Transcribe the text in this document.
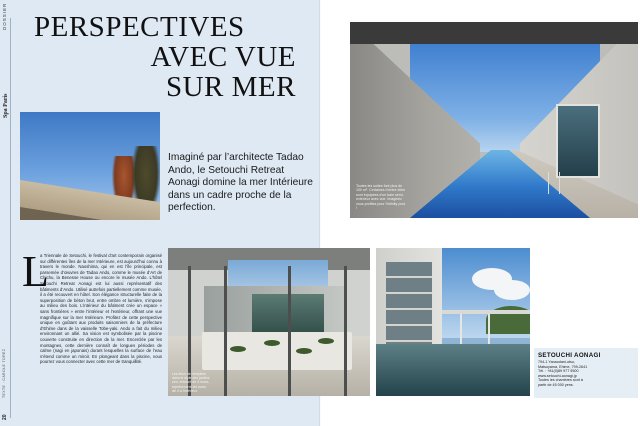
DOSSIER
Spa Paris
TEXTE : CAROLE TOREZ
20
PERSPECTIVES
AVEC VUE
SUR MER
Imaginé par l’architecte Tadao Ando, le Setouchi Retreat Aonagi domine la mer Intérieure dans un cadre proche de la perfection.
L

a Triennale de Setouchi, le festival d’art contemporain organisé sur différentes îles de la mer Intérieure, est aujourd’hui connu à travers le monde. Naoshima, qui en est l’île principale, est parsemée d’œuvres de Tadao Ando, comme le musée d’Art de Chichu, la Benesse House ou encore le musée Ando. L’hôtel Setouchi Retreat Aonagi est lui aussi représentatif des bâtiments d’Ando. Utilisé autrefois partiellement comme musée, il a été recouvert en hôtel. Son élégance structurelle faite de la superposition de béton brut, entre ombre et lumière, s’impose au milieu des bois. L’intérieur du bâtiment crée un espace « sans frontières » entre l’intérieur et l’extérieur, offrant une vue magnifique sur la mer Intérieure. Profitez de cette perspective unique en goûtant aux produits saisonniers de la préfecture d’Ehime dans de la vaisselle Tobe-yaki. Ando a fait du milieu environnant un allié. Sa vision est symbolisée par la piscine couverte construite en direction de la mer. Encerclée par les montagnes, cette dernière connaît de longues périodes de calme (nagi en japonais) durant lesquelles la surface de l’eau s’étend comme un miroir. En plongeant dans la piscine, vous pourrez vous connecter avec cette mer de tranquillité.

Toutes les suites font plus de 100 m². Certaines d’entre elles sont équipées d’un bain semi-extérieur avec vue. Imaginez vous profitez pour l’infinity pool !
Les lieux de réception dans le style des jardins zen, entouré de 4 murs, représentent les murs de 4 à l’intérieur.
SETOUCHI AONAGI
794-1 Yanaodani-otsu,
Matsuyama, Ehime, 799-2641
Tél. : +81(0)89 977 9500
www.setouchi-aonagi.jp
Toutes les chambres sont à
partir de 45 000 yens.
